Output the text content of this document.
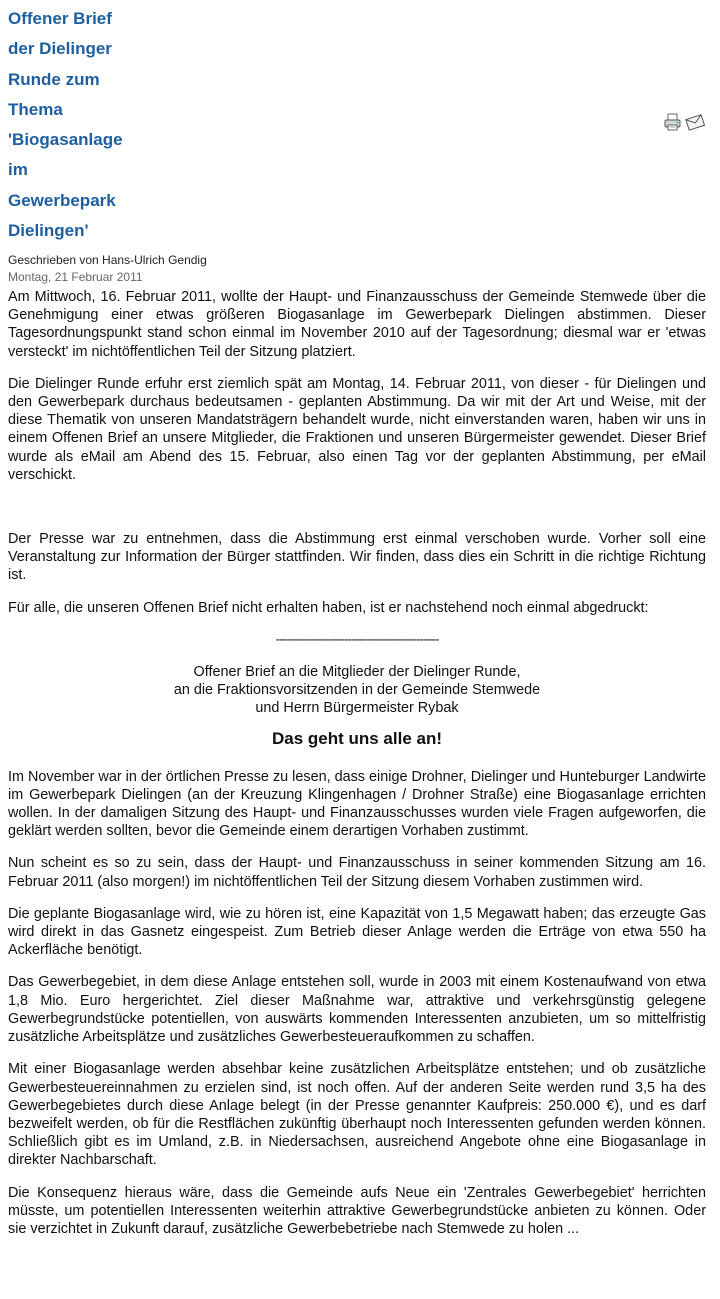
Offener Brief
der Dielinger
Runde zum
Thema
'Biogasanlage
im
Gewerbepark
Dielingen'
Geschrieben von Hans-Ulrich Gendig
Montag, 21 Februar 2011

Am Mittwoch, 16. Februar 2011, wollte der Haupt- und Finanzausschuss der Gemeinde Stemwede über die Genehmigung einer etwas größeren Biogasanlage im Gewerbepark Dielingen abstimmen. Dieser Tagesordnungspunkt stand schon einmal im November 2010 auf der Tagesordnung; diesmal war er 'etwas versteckt' im nichtöffentlichen Teil der Sitzung platziert.

Die Dielinger Runde erfuhr erst ziemlich spät am Montag, 14. Februar 2011, von dieser - für Dielingen und den Gewerbepark durchaus bedeutsamen - geplanten Abstimmung. Da wir mit der Art und Weise, mit der diese Thematik von unseren Mandatsträgern behandelt wurde, nicht einverstanden waren, haben wir uns in einem Offenen Brief an unsere Mitglieder, die Fraktionen und unseren Bürgermeister gewendet. Dieser Brief wurde als eMail am Abend des 15. Februar, also einen Tag vor der geplanten Abstimmung, per eMail verschickt.

Der Presse war zu entnehmen, dass die Abstimmung erst einmal verschoben wurde. Vorher soll eine Veranstaltung zur Information der Bürger stattfinden. Wir finden, dass dies ein Schritt in die richtige Richtung ist.

Für alle, die unseren Offenen Brief nicht erhalten haben, ist er nachstehend noch einmal abgedruckt:

-------------------------------------------
Offener Brief an die Mitglieder der Dielinger Runde,
an die Fraktionsvorsitzenden in der Gemeinde Stemwede
und Herrn Bürgermeister Rybak
Das geht uns alle an!

Im November war in der örtlichen Presse zu lesen, dass einige Drohner, Dielinger und Hunteburger Landwirte im Gewerbepark Dielingen (an der Kreuzung Klingenhagen / Drohner Straße) eine Biogasanlage errichten wollen. In der damaligen Sitzung des Haupt- und Finanzausschusses wurden viele Fragen aufgeworfen, die geklärt werden sollten, bevor die Gemeinde einem derartigen Vorhaben zustimmt.

Nun scheint es so zu sein, dass der Haupt- und Finanzausschuss in seiner kommenden Sitzung am 16. Februar 2011 (also morgen!) im nichtöffentlichen Teil der Sitzung diesem Vorhaben zustimmen wird.

Die geplante Biogasanlage wird, wie zu hören ist, eine Kapazität von 1,5 Megawatt haben; das erzeugte Gas wird direkt in das Gasnetz eingespeist. Zum Betrieb dieser Anlage werden die Erträge von etwa 550 ha Ackerfläche benötigt.

Das Gewerbegebiet, in dem diese Anlage entstehen soll, wurde in 2003 mit einem Kostenaufwand von etwa 1,8 Mio. Euro hergerichtet. Ziel dieser Maßnahme war, attraktive und verkehrsgünstig gelegene Gewerbegrundstücke potentiellen, von auswärts kommenden Interessenten anzubieten, um so mittelfristig zusätzliche Arbeitsplätze und zusätzliches Gewerbesteueraufkommen zu schaffen.

Mit einer Biogasanlage werden absehbar keine zusätzlichen Arbeitsplätze entstehen; und ob zusätzliche Gewerbesteuereinnahmen zu erzielen sind, ist noch offen. Auf der anderen Seite werden rund 3,5 ha des Gewerbegebietes durch diese Anlage belegt (in der Presse genannter Kaufpreis: 250.000 €), und es darf bezweifelt werden, ob für die Restflächen zukünftig überhaupt noch Interessenten gefunden werden können. Schließlich gibt es im Umland, z.B. in Niedersachsen, ausreichend Angebote ohne eine Biogasanlage in direkter Nachbarschaft.

Die Konsequenz hieraus wäre, dass die Gemeinde aufs Neue ein 'Zentrales Gewerbegebiet' herrichten müsste, um potentiellen Interessenten weiterhin attraktive Gewerbegrundstücke anbieten zu können. Oder sie verzichtet in Zukunft darauf, zusätzliche Gewerbebetriebe nach Stemwede zu holen ...
